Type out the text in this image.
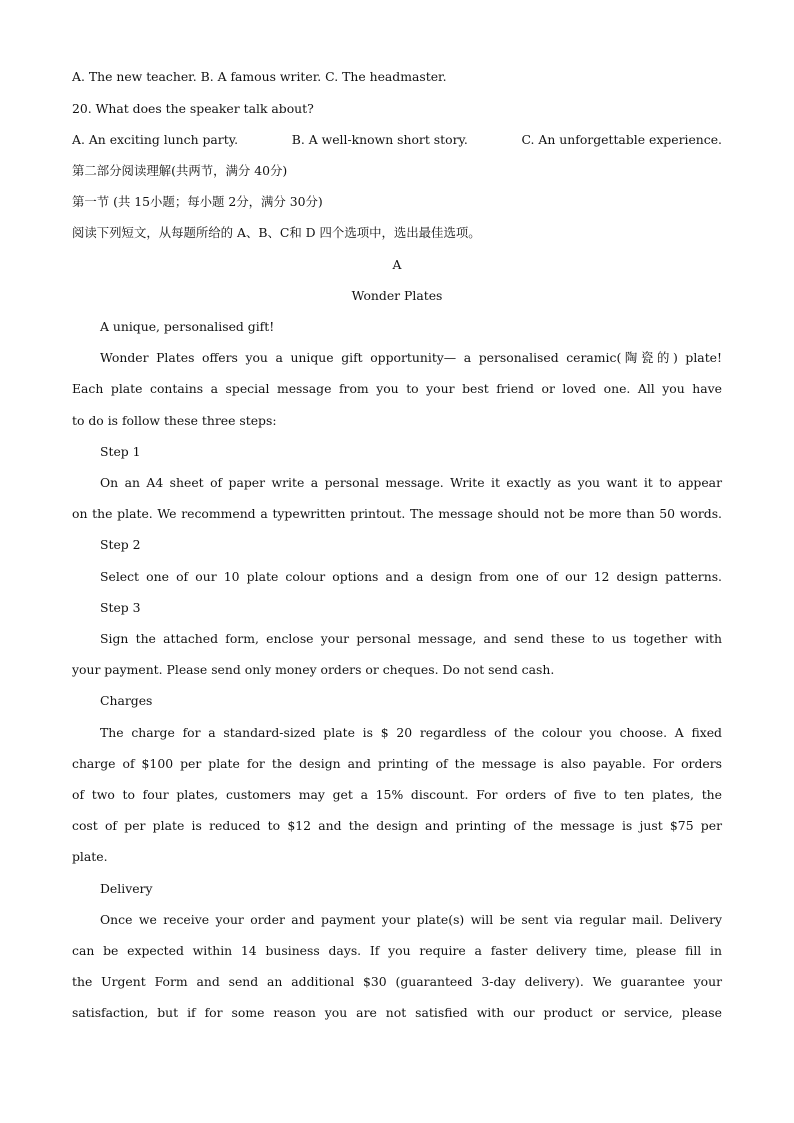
A. The new teacher. B. A famous writer. C. The headmaster.
20. What does the speaker talk about?
A. An exciting lunch party.	B. A well-known short story.	C. An unforgettable experience.
第二部分阅读理解(共两节，满分 40分)
第一节 (共 15小题；每小题 2分，满分 30分)
阅读下列短文，从每题所给的 A、B、C和 D 四个选项中，选出最佳选项。
A
Wonder Plates
A unique, personalised gift!
Wonder Plates offers you a unique gift opportunity— a personalised ceramic(陶瓷的) plate!
Each plate contains a special message from you to your best friend or loved one. All you have
to do is follow these three steps:
Step 1
On an A4 sheet of paper write a personal message. Write it exactly as you want it to appear
on the plate. We recommend a typewritten printout. The message should not be more than 50 words.
Step 2
Select one of our 10 plate colour options and a design from one of our 12 design patterns.
Step 3
Sign the attached form, enclose your personal message, and send these to us together with
your payment. Please send only money orders or cheques. Do not send cash.
Charges
The charge for a standard-sized plate is $ 20 regardless of the colour you choose. A fixed
charge of $100 per plate for the design and printing of the message is also payable. For orders
of two to four plates, customers may get a 15% discount. For orders of five to ten plates, the
cost of per plate is reduced to $12 and the design and printing of the message is just $75 per
plate.
Delivery
Once we receive your order and payment your plate(s) will be sent via regular mail. Delivery
can be expected within 14 business days. If you require a faster delivery time, please fill in
the Urgent Form and send an additional $30 (guaranteed 3-day delivery). We guarantee your
satisfaction, but if for some reason you are not satisfied with our product or service, please
